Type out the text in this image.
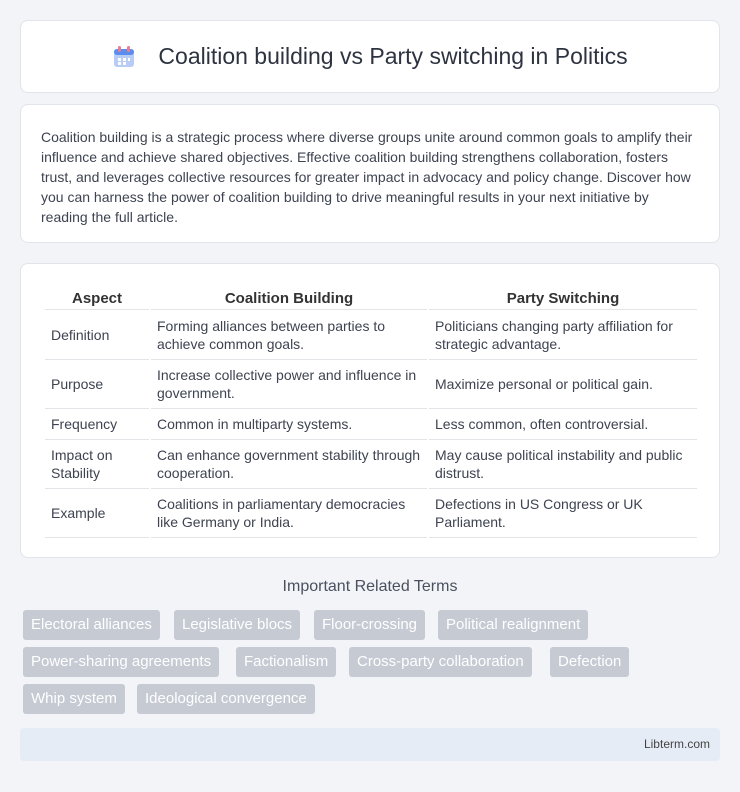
Coalition building vs Party switching in Politics

Coalition building is a strategic process where diverse groups unite around common goals to amplify their influence and achieve shared objectives. Effective coalition building strengthens collaboration, fosters trust, and leverages collective resources for greater impact in advocacy and policy change. Discover how you can harness the power of coalition building to drive meaningful results in your next initiative by reading the full article.

Aspect	Coalition Building	Party Switching
Definition	Forming alliances between parties to achieve common goals.	Politicians changing party affiliation for strategic advantage.
Purpose	Increase collective power and influence in government.	Maximize personal or political gain.
Frequency	Common in multiparty systems.	Less common, often controversial.
Impact on Stability	Can enhance government stability through cooperation.	May cause political instability and public distrust.
Example	Coalitions in parliamentary democracies like Germany or India.	Defections in US Congress or UK Parliament.
Important Related Terms
Electoral alliances	Legislative blocs	Floor-crossing	Political realignment
Power-sharing agreements	Factionalism	Cross-party collaboration	Defection
Whip system	Ideological convergence
Libterm.com
